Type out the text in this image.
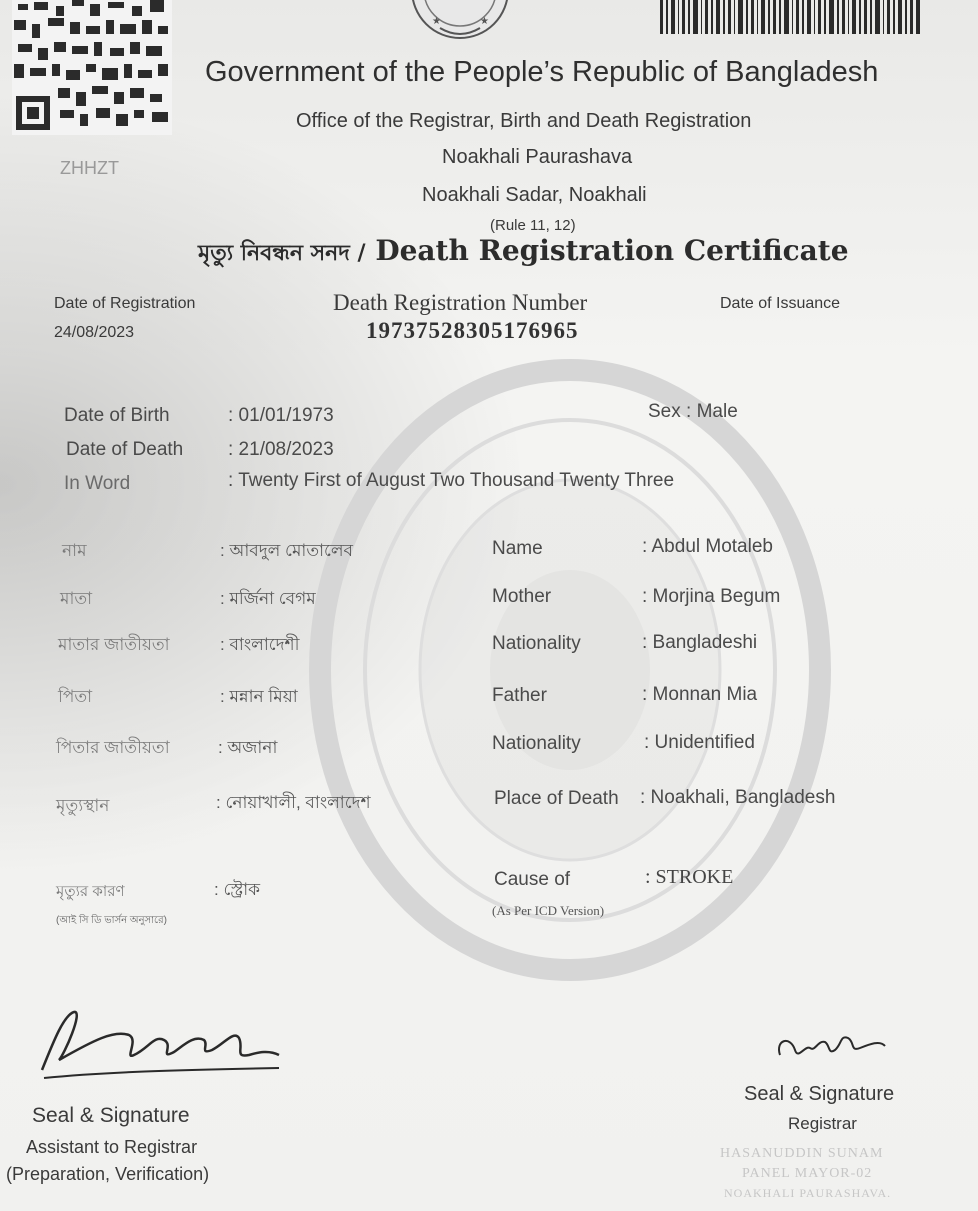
ZHHZT
★	★
Government of the People’s Republic of Bangladesh
Office of the Registrar, Birth and Death Registration
Noakhali Paurashava
Noakhali Sadar, Noakhali
(Rule 11, 12)
মৃত্যু নিবন্ধন সনদ / Death Registration Certificate
Date of Registration
24/08/2023
Death Registration Number
19737528305176965
Date of Issuance
Date of Birth	: 01/01/1973	Sex : Male
Date of Death : 21/08/2023
In Word	: Twenty First of August Two Thousand Twenty Three
নাম	: আবদুল মোতালেব
মাতা	: মর্জিনা বেগম
মাতার জাতীয়তা	: বাংলাদেশী
পিতা	: মন্নান মিয়া
পিতার জাতীয়তা	: অজানা
মৃত্যুস্থান	: নোয়াখালী, বাংলাদেশ
মৃত্যুর কারণ
(আই সি ডি ভার্সন অনুসারে)
: স্ট্রোক
Name	: Abdul Motaleb
Mother	: Morjina Begum
Nationality	: Bangladeshi
Father	: Monnan Mia
Nationality	: Unidentified
Place of Death : Noakhali, Bangladesh
Cause of
(As Per ICD Version)
: STROKE
Seal & Signature
Assistant to Registrar
(Preparation, Verification)
Seal & Signature
Registrar
HASANUDDIN SUNAM
PANEL MAYOR-02
NOAKHALI PAURASHAVA.
